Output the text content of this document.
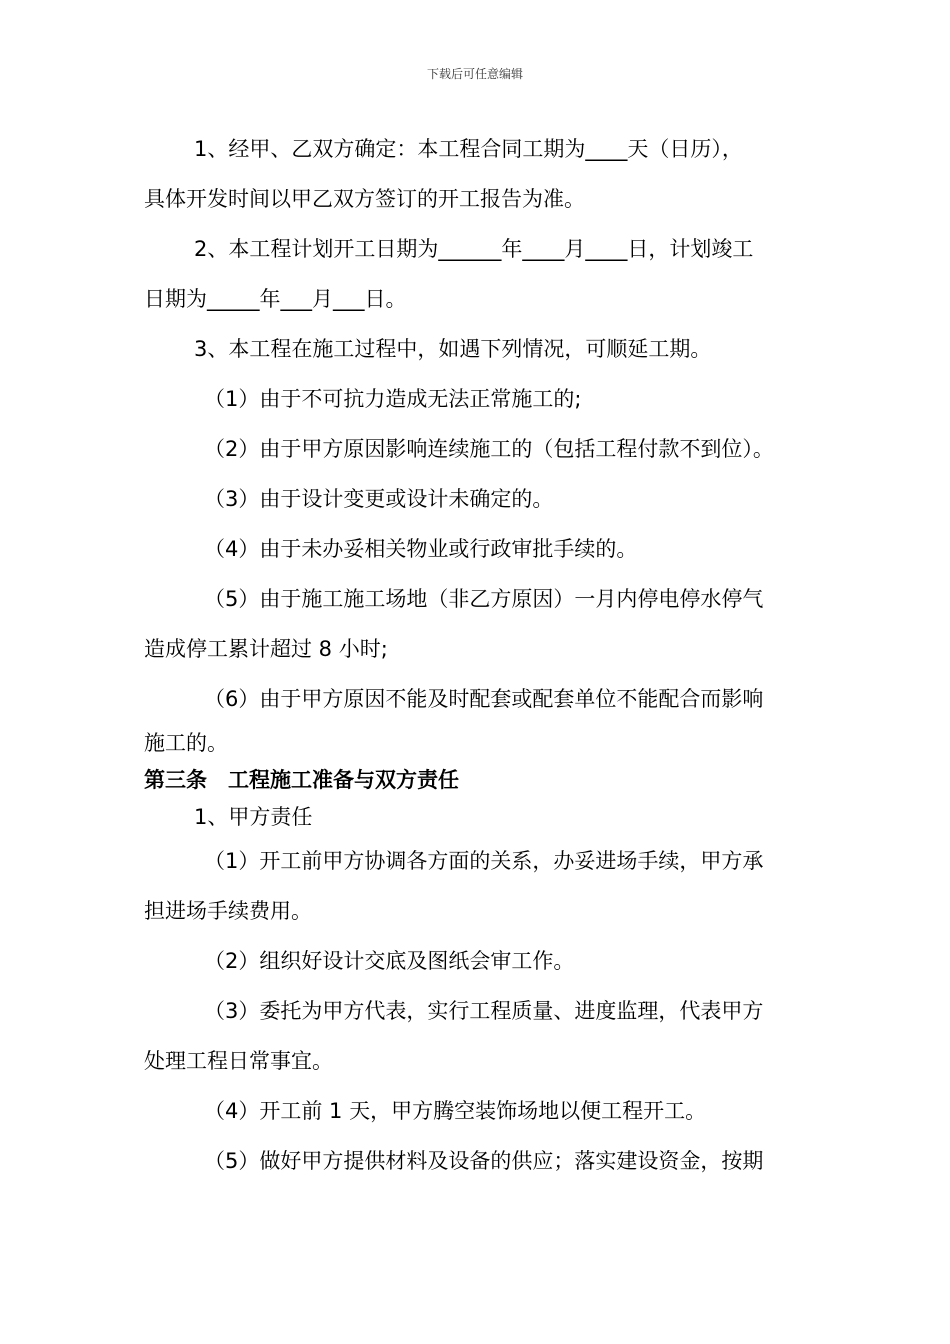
下载后可任意编辑
1、经甲、乙双方确定：本工程合同工期为____天（日历），
具体开发时间以甲乙双方签订的开工报告为准。
2、本工程计划开工日期为______年____月____日，计划竣工
日期为_____年___月___日。
3、本工程在施工过程中，如遇下列情况，可顺延工期。
（1）由于不可抗力造成无法正常施工的;
（2）由于甲方原因影响连续施工的（包括工程付款不到位）。
（3）由于设计变更或设计未确定的。
（4）由于未办妥相关物业或行政审批手续的。
（5）由于施工施工场地（非乙方原因）一月内停电停水停气
造成停工累计超过 8 小时;
（6）由于甲方原因不能及时配套或配套单位不能配合而影响
施工的。
第三条　工程施工准备与双方责任
1、甲方责任
（1）开工前甲方协调各方面的关系，办妥进场手续，甲方承
担进场手续费用。
（2）组织好设计交底及图纸会审工作。
（3）委托为甲方代表，实行工程质量、进度监理，代表甲方
处理工程日常事宜。
（4）开工前 1 天，甲方腾空装饰场地以便工程开工。
（5）做好甲方提供材料及设备的供应；落实建设资金，按期
